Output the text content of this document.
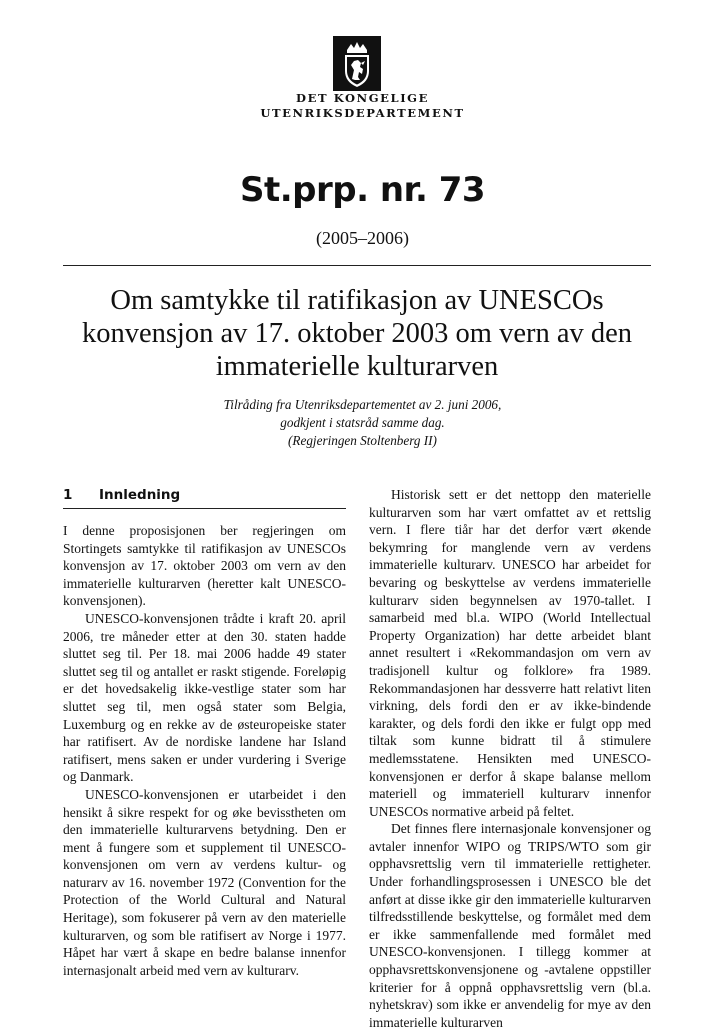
DET KONGELIGE
UTENRIKSDEPARTEMENT
St.prp. nr. 73
(2005–2006)
Om samtykke til ratifikasjon av UNESCOs konvensjon av 17. oktober 2003 om vern av den immaterielle kulturarven
Tilråding fra Utenriksdepartementet av 2. juni 2006,
godkjent i statsråd samme dag.
(Regjeringen Stoltenberg II)
1 Innledning

I denne proposisjonen ber regjeringen om Stortingets samtykke til ratifikasjon av UNESCOs konvensjon av 17. oktober 2003 om vern av den immaterielle kulturarven (heretter kalt UNESCO-konvensjonen).

UNESCO-konvensjonen trådte i kraft 20. april 2006, tre måneder etter at den 30. staten hadde sluttet seg til. Per 18. mai 2006 hadde 49 stater sluttet seg til og antallet er raskt stigende. Foreløpig er det hovedsakelig ikke-vestlige stater som har sluttet seg til, men også stater som Belgia, Luxemburg og en rekke av de østeuropeiske stater har ratifisert. Av de nordiske landene har Island ratifisert, mens saken er under vurdering i Sverige og Danmark.

UNESCO-konvensjonen er utarbeidet i den hensikt å sikre respekt for og øke bevisstheten om den immaterielle kulturarvens betydning. Den er ment å fungere som et supplement til UNESCO-konvensjonen om vern av verdens kultur- og naturarv av 16. november 1972 (Convention for the Protection of the World Cultural and Natural Heritage), som fokuserer på vern av den materielle kulturarven, og som ble ratifisert av Norge i 1977. Håpet har vært å skape en bedre balanse innenfor internasjonalt arbeid med vern av kulturarv.

Historisk sett er det nettopp den materielle kulturarven som har vært omfattet av et rettslig vern. I flere tiår har det derfor vært økende bekymring for manglende vern av verdens immaterielle kulturarv. UNESCO har arbeidet for bevaring og beskyttelse av verdens immaterielle kulturarv siden begynnelsen av 1970-tallet. I samarbeid med bl.a. WIPO (World Intellectual Property Organization) har dette arbeidet blant annet resultert i «Rekommandasjon om vern av tradisjonell kultur og folklore» fra 1989. Rekommandasjonen har dessverre hatt relativt liten virkning, dels fordi den er av ikke-bindende karakter, og dels fordi den ikke er fulgt opp med tiltak som kunne bidratt til å stimulere medlemsstatene. Hensikten med UNESCO-konvensjonen er derfor å skape balanse mellom materiell og immateriell kulturarv innenfor UNESCOs normative arbeid på feltet.

Det finnes flere internasjonale konvensjoner og avtaler innenfor WIPO og TRIPS/WTO som gir opphavsrettslig vern til immaterielle rettigheter. Under forhandlingsprosessen i UNESCO ble det anført at disse ikke gir den immaterielle kulturarven tilfredsstillende beskyttelse, og formålet med dem er ikke sammenfallende med formålet med UNESCO-konvensjonen. I tillegg kommer at opphavsrettskonvensjonene og -avtalene oppstiller kriterier for å oppnå opphavsrettslig vern (bl.a. nyhetskrav) som ikke er anvendelig for mye av den immaterielle kulturarven
